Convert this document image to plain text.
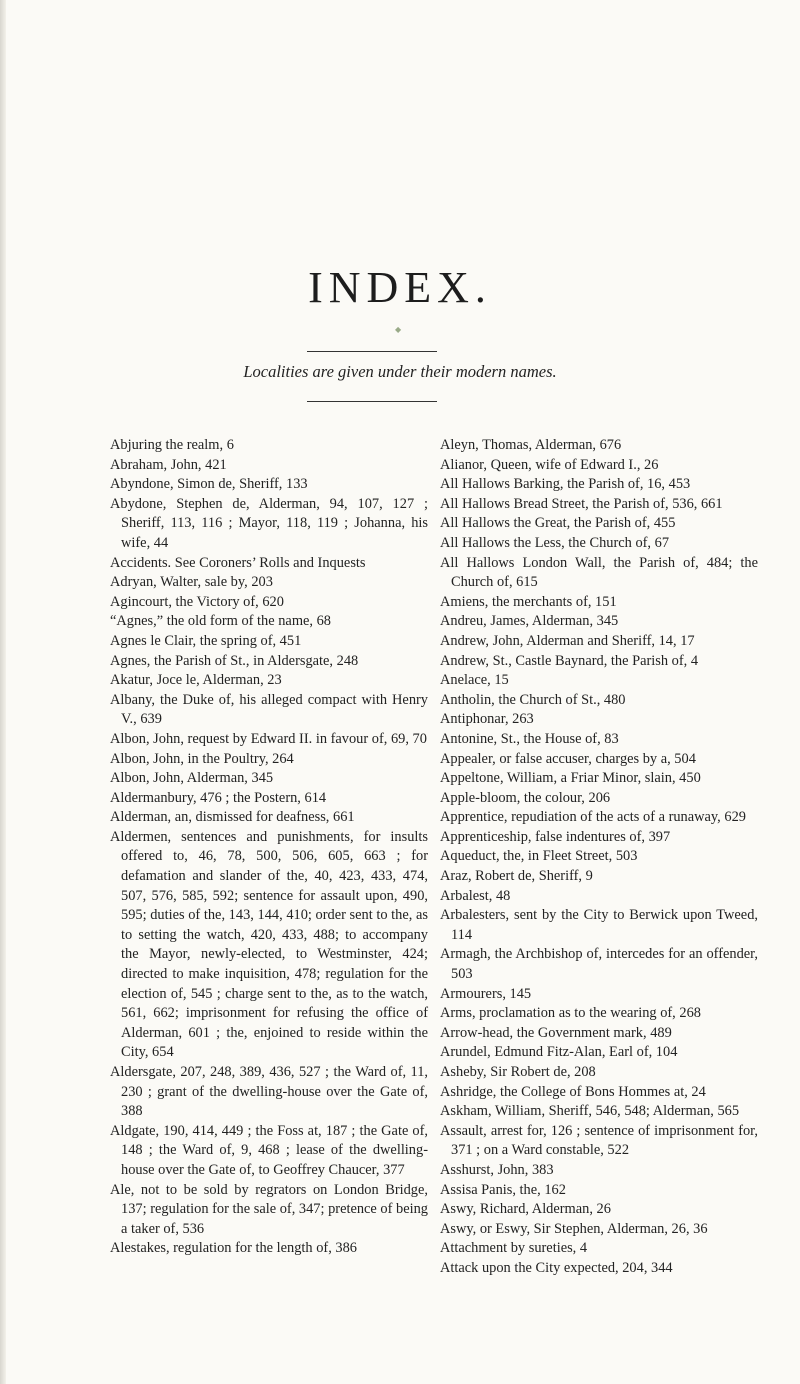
INDEX.
◆
Localities are given under their modern names.

Abjuring the realm, 6

Abraham, John, 421

Abyndone, Simon de, Sheriff, 133

Abydone, Stephen de, Alderman, 94, 107, 127 ; Sheriff, 113, 116 ; Mayor, 118, 119 ; Johanna, his wife, 44

Accidents. See Coroners’ Rolls and Inquests

Adryan, Walter, sale by, 203

Agincourt, the Victory of, 620

“Agnes,” the old form of the name, 68

Agnes le Clair, the spring of, 451

Agnes, the Parish of St., in Aldersgate, 248

Akatur, Joce le, Alderman, 23

Albany, the Duke of, his alleged compact with Henry V., 639

Albon, John, request by Edward II. in favour of, 69, 70

Albon, John, in the Poultry, 264

Albon, John, Alderman, 345

Aldermanbury, 476 ; the Postern, 614

Alderman, an, dismissed for deafness, 661

Aldermen, sentences and punishments, for insults offered to, 46, 78, 500, 506, 605, 663 ; for defamation and slander of the, 40, 423, 433, 474, 507, 576, 585, 592; sentence for assault upon, 490, 595; duties of the, 143, 144, 410; order sent to the, as to setting the watch, 420, 433, 488; to accompany the Mayor, newly-elected, to Westminster, 424; directed to make inquisition, 478; regulation for the election of, 545 ; charge sent to the, as to the watch, 561, 662; imprisonment for refusing the office of Alderman, 601 ; the, enjoined to reside within the City, 654

Aldersgate, 207, 248, 389, 436, 527 ; the Ward of, 11, 230 ; grant of the dwelling-house over the Gate of, 388

Aldgate, 190, 414, 449 ; the Foss at, 187 ; the Gate of, 148 ; the Ward of, 9, 468 ; lease of the dwelling-house over the Gate of, to Geoffrey Chaucer, 377

Ale, not to be sold by regrators on London Bridge, 137; regulation for the sale of, 347; pretence of being a taker of, 536

Alestakes, regulation for the length of, 386

Aleyn, Thomas, Alderman, 676

Alianor, Queen, wife of Edward I., 26

All Hallows Barking, the Parish of, 16, 453

All Hallows Bread Street, the Parish of, 536, 661

All Hallows the Great, the Parish of, 455

All Hallows the Less, the Church of, 67

All Hallows London Wall, the Parish of, 484; the Church of, 615

Amiens, the merchants of, 151

Andreu, James, Alderman, 345

Andrew, John, Alderman and Sheriff, 14, 17

Andrew, St., Castle Baynard, the Parish of, 4

Anelace, 15

Antholin, the Church of St., 480

Antiphonar, 263

Antonine, St., the House of, 83

Appealer, or false accuser, charges by a, 504

Appeltone, William, a Friar Minor, slain, 450

Apple-bloom, the colour, 206

Apprentice, repudiation of the acts of a runaway, 629

Apprenticeship, false indentures of, 397

Aqueduct, the, in Fleet Street, 503

Araz, Robert de, Sheriff, 9

Arbalest, 48

Arbalesters, sent by the City to Berwick upon Tweed, 114

Armagh, the Archbishop of, intercedes for an offender, 503

Armourers, 145

Arms, proclamation as to the wearing of, 268

Arrow-head, the Government mark, 489

Arundel, Edmund Fitz-Alan, Earl of, 104

Asheby, Sir Robert de, 208

Ashridge, the College of Bons Hommes at, 24

Askham, William, Sheriff, 546, 548; Alderman, 565

Assault, arrest for, 126 ; sentence of imprisonment for, 371 ; on a Ward constable, 522

Asshurst, John, 383

Assisa Panis, the, 162

Aswy, Richard, Alderman, 26

Aswy, or Eswy, Sir Stephen, Alderman, 26, 36

Attachment by sureties, 4

Attack upon the City expected, 204, 344
